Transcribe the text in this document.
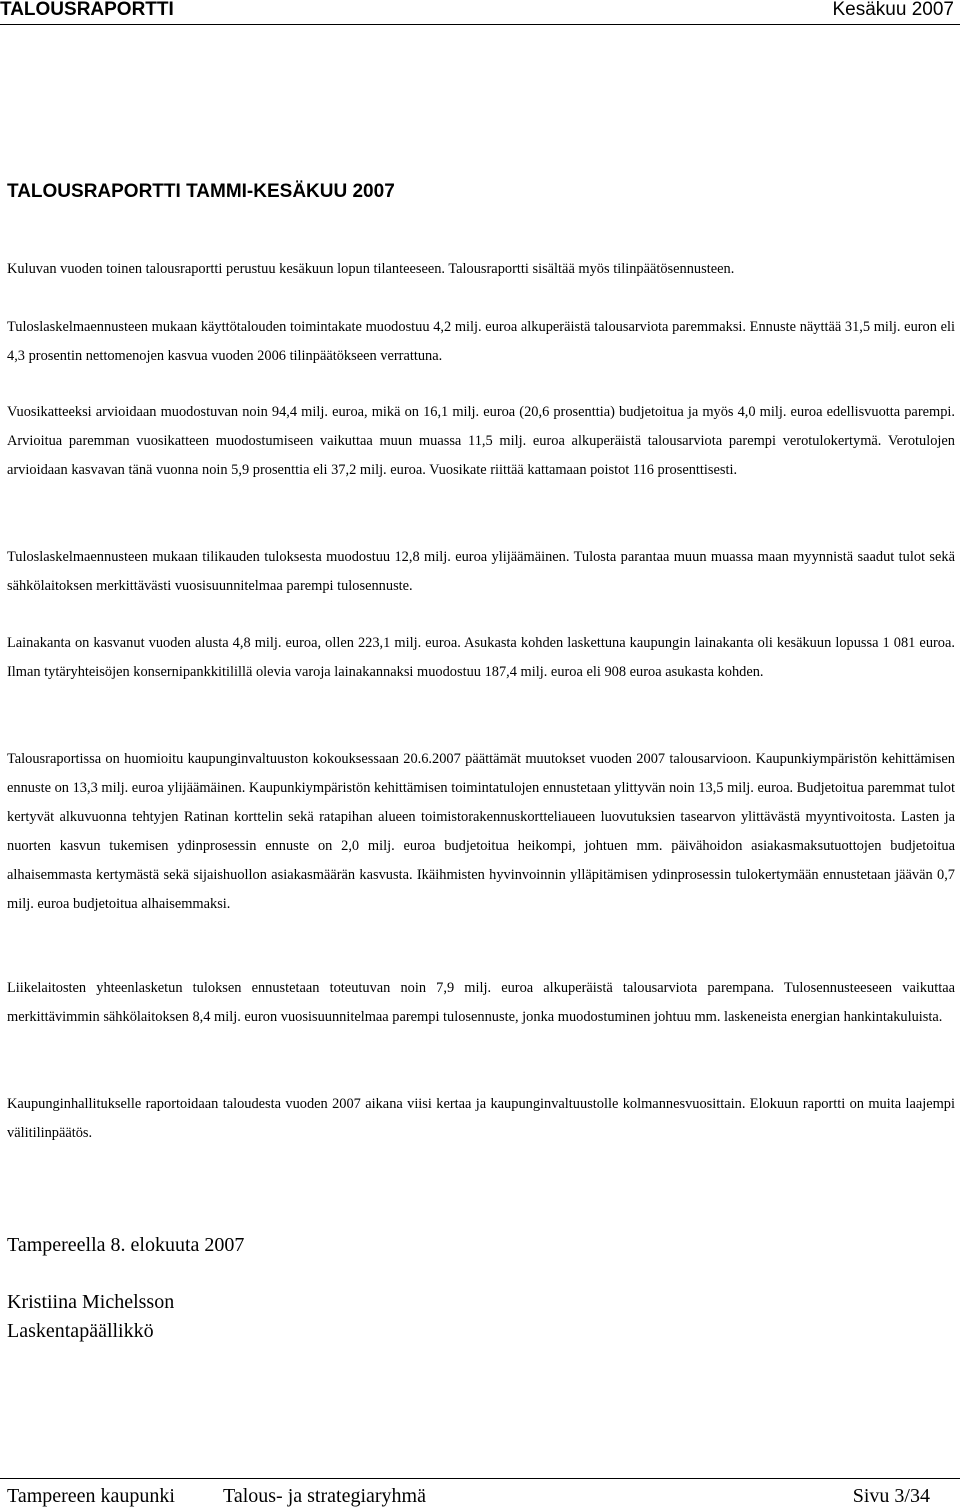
TALOUSRAPORTTI	Kesäkuu 2007
TALOUSRAPORTTI TAMMI-KESÄKUU 2007

Kuluvan vuoden toinen talousraportti perustuu kesäkuun lopun tilanteeseen. Talousraportti sisältää myös tilinpäätösennusteen.

Tuloslaskelmaennusteen mukaan käyttötalouden toimintakate muodostuu 4,2 milj. euroa alkuperäistä talousarviota paremmaksi. Ennuste näyttää 31,5 milj. euron eli 4,3 prosentin nettomenojen kasvua vuoden 2006 tilinpäätökseen verrattuna.

Vuosikatteeksi arvioidaan muodostuvan noin 94,4 milj. euroa, mikä on 16,1 milj. euroa (20,6 prosenttia) budjetoitua ja myös 4,0 milj. euroa edellisvuotta parempi. Arvioitua paremman vuosikatteen muodostumiseen vaikuttaa muun muassa 11,5 milj. euroa alkuperäistä talousarviota parempi verotulokertymä. Verotulojen arvioidaan kasvavan tänä vuonna noin 5,9 prosenttia eli 37,2 milj. euroa. Vuosikate riittää kattamaan poistot 116 prosenttisesti.

Tuloslaskelmaennusteen mukaan tilikauden tuloksesta muodostuu 12,8 milj. euroa ylijäämäinen. Tulosta parantaa muun muassa maan myynnistä saadut tulot sekä sähkölaitoksen merkittävästi vuosisuunnitelmaa parempi tulosennuste.

Lainakanta on kasvanut vuoden alusta 4,8 milj. euroa, ollen 223,1 milj. euroa. Asukasta kohden laskettuna kaupungin lainakanta oli kesäkuun lopussa 1 081 euroa. Ilman tytäryhteisöjen konsernipankkitilillä olevia varoja lainakannaksi muodostuu 187,4 milj. euroa eli 908 euroa asukasta kohden.

Talousraportissa on huomioitu kaupunginvaltuuston kokouksessaan 20.6.2007 päättämät muutokset vuoden 2007 talousarvioon. Kaupunkiympäristön kehittämisen ennuste on 13,3 milj. euroa ylijäämäinen. Kaupunkiympäristön kehittämisen toimintatulojen ennustetaan ylittyvän noin 13,5 milj. euroa. Budjetoitua paremmat tulot kertyvät alkuvuonna tehtyjen Ratinan korttelin sekä ratapihan alueen toimistorakennuskortteliaueen luovutuksien tasearvon ylittävästä myyntivoitosta. Lasten ja nuorten kasvun tukemisen ydinprosessin ennuste on 2,0 milj. euroa budjetoitua heikompi, johtuen mm. päivähoidon asiakasmaksutuottojen budjetoitua alhaisemmasta kertymästä sekä sijaishuollon asiakasmäärän kasvusta. Ikäihmisten hyvinvoinnin ylläpitämisen ydinprosessin tulokertymään ennustetaan jäävän 0,7 milj. euroa budjetoitua alhaisemmaksi.

Liikelaitosten yhteenlasketun tuloksen ennustetaan toteutuvan noin 7,9 milj. euroa alkuperäistä talousarviota parempana. Tulosennusteeseen vaikuttaa merkittävimmin sähkölaitoksen 8,4 milj. euron vuosisuunnitelmaa parempi tulosennuste, jonka muodostuminen johtuu mm. laskeneista energian hankintakuluista.

Kaupunginhallitukselle raportoidaan taloudesta vuoden 2007 aikana viisi kertaa ja kaupunginvaltuustolle kolmannesvuosittain. Elokuun raportti on muita laajempi välitilinpäätös.

Tampereella 8. elokuuta 2007
Kristiina Michelsson
Laskentapäällikkö
Tampereen kaupunki Talous- ja strategiaryhmä	Sivu 3/34
